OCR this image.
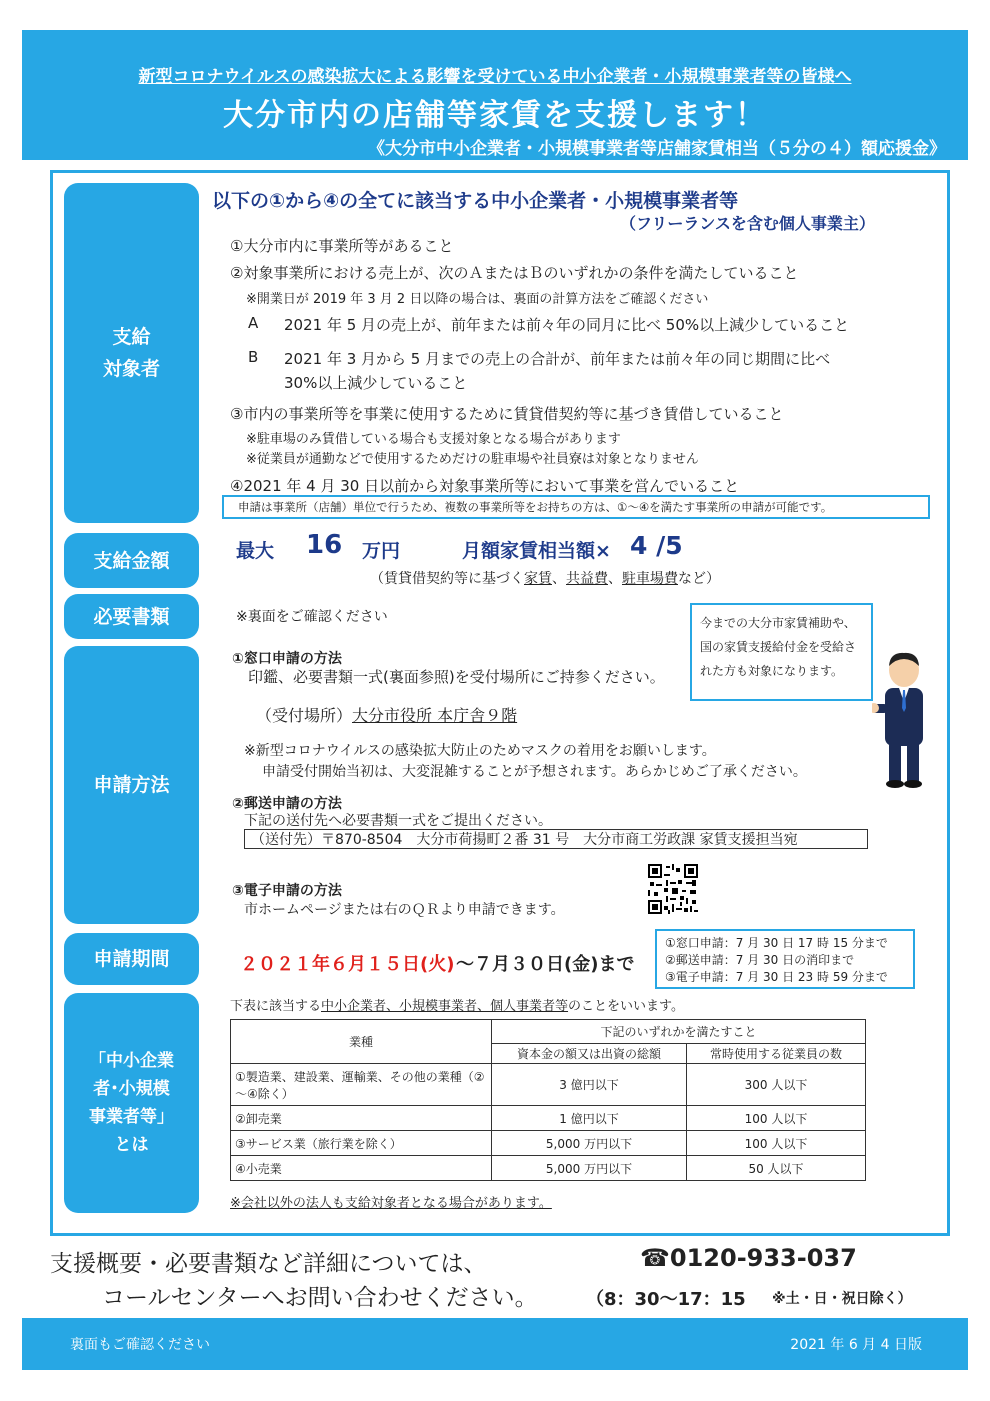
新型コロナウイルスの感染拡大による影響を受けている中小企業者・小規模事業者等の皆様へ
大分市内の店舗等家賃を支援します！
《大分市中小企業者・小規模事業者等店舗家賃相当（５分の４）額応援金》
支給
対象者
支給金額
必要書類
申請方法
申請期間
「中小企業
者･小規模
事業者等」
とは
以下の①から④の全てに該当する中小企業者・小規模事業者等
（フリーランスを含む個人事業主）
①大分市内に事業所等があること
②対象事業所における売上が、次のＡまたはＢのいずれかの条件を満たしていること
※開業日が 2019 年 3 月 2 日以降の場合は、裏面の計算方法をご確認ください
A 2021 年 5 月の売上が、前年または前々年の同月に比べ 50%以上減少していること
B 2021 年 3 月から 5 月までの売上の合計が、前年または前々年の同じ期間に比べ
30%以上減少していること
③市内の事業所等を事業に使用するために賃貸借契約等に基づき賃借していること
※駐車場のみ賃借している場合も支援対象となる場合があります
※従業員が通勤などで使用するためだけの駐車場や社員寮は対象となりません
④2021 年 4 月 30 日以前から対象事業所等において事業を営んでいること
申請は事業所（店舗）単位で行うため、複数の事業所等をお持ちの方は、①～④を満たす事業所の申請が可能です。
最大 16 万円	月額家賃相当額× 4 /5
（賃貸借契約等に基づく家賃、共益費、駐車場費など）
※裏面をご確認ください	今までの大分市家賃補助や、国の家賃支援給付金を受給された方も対象になります。
①窓口申請の方法
印鑑、必要書類一式(裏面参照)を受付場所にご持参ください。
（受付場所）大分市役所 本庁舎９階
※新型コロナウイルスの感染拡大防止のためマスクの着用をお願いします。
申請受付開始当初は、大変混雑することが予想されます。あらかじめご了承ください。
②郵送申請の方法
下記の送付先へ必要書類一式をご提出ください。
（送付先）〒870-8504　大分市荷揚町２番 31 号　大分市商工労政課 家賃支援担当宛
③電子申請の方法
市ホームページまたは右のＱＲより申請できます。
２０２１年６月１５日(火) ～７月３０日(金)まで
①窓口申請：7 月 30 日 17 時 15 分まで
②郵送申請：7 月 30 日の消印まで
③電子申請：7 月 30 日 23 時 59 分まで
下表に該当する中小企業者、小規模事業者、個人事業者等のことをいいます。
業種	下記のいずれかを満たすこと	
	資本金の額又は出資の総額	常時使用する従業員の数
①製造業、建設業、運輸業、その他の業種（②～④除く）	3 億円以下	300 人以下
②卸売業	1 億円以下	100 人以下
③サービス業（旅行業を除く）	5,000 万円以下	100 人以下
④小売業	5,000 万円以下	50 人以下
※会社以外の法人も支給対象者となる場合があります。
支援概要・必要書類など詳細については、
コールセンターへお問い合わせください。
☎0120-933-037
（8：30～17：15 ※土・日・祝日除く）
裏面もご確認ください	2021 年 6 月 4 日版
